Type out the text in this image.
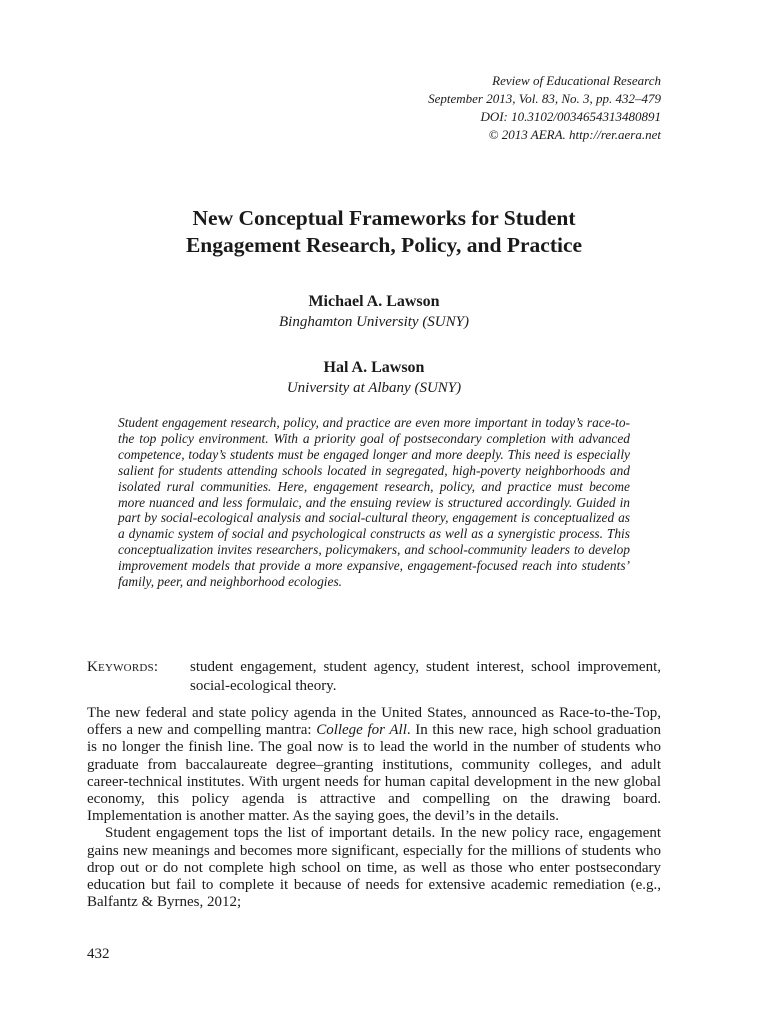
Review of Educational Research
September 2013, Vol. 83, No. 3, pp. 432–479
DOI: 10.3102/0034654313480891
© 2013 AERA. http://rer.aera.net
New Conceptual Frameworks for Student
Engagement Research, Policy, and Practice
Michael A. Lawson
Binghamton University (SUNY)
Hal A. Lawson
University at Albany (SUNY)

Student engagement research, policy, and practice are even more important in today’s race-to-the top policy environment. With a priority goal of postsecondary completion with advanced competence, today’s students must be engaged longer and more deeply. This need is especially salient for students attending schools located in segregated, high-poverty neighborhoods and isolated rural communities. Here, engagement research, policy, and practice must become more nuanced and less formulaic, and the ensuing review is structured accordingly. Guided in part by social-ecological analysis and social-cultural theory, engagement is conceptualized as a dynamic system of social and psychological constructs as well as a synergistic process. This conceptualization invites researchers, policymakers, and school-community leaders to develop improvement models that provide a more expansive, engagement-focused reach into students’ family, peer, and neighborhood ecologies.

Keywords: student engagement, student agency, student interest, school improvement, social-ecological theory.

The new federal and state policy agenda in the United States, announced as Race-to-the-Top, offers a new and compelling mantra: College for All. In this new race, high school graduation is no longer the finish line. The goal now is to lead the world in the number of students who graduate from baccalaureate degree–granting institutions, community colleges, and adult career-technical institutes. With urgent needs for human capital development in the new global economy, this policy agenda is attractive and compelling on the drawing board. Implementation is another matter. As the saying goes, the devil’s in the details.

Student engagement tops the list of important details. In the new policy race, engagement gains new meanings and becomes more significant, especially for the millions of students who drop out or do not complete high school on time, as well as those who enter postsecondary education but fail to complete it because of needs for extensive academic remediation (e.g., Balfantz & Byrnes, 2012;

432
